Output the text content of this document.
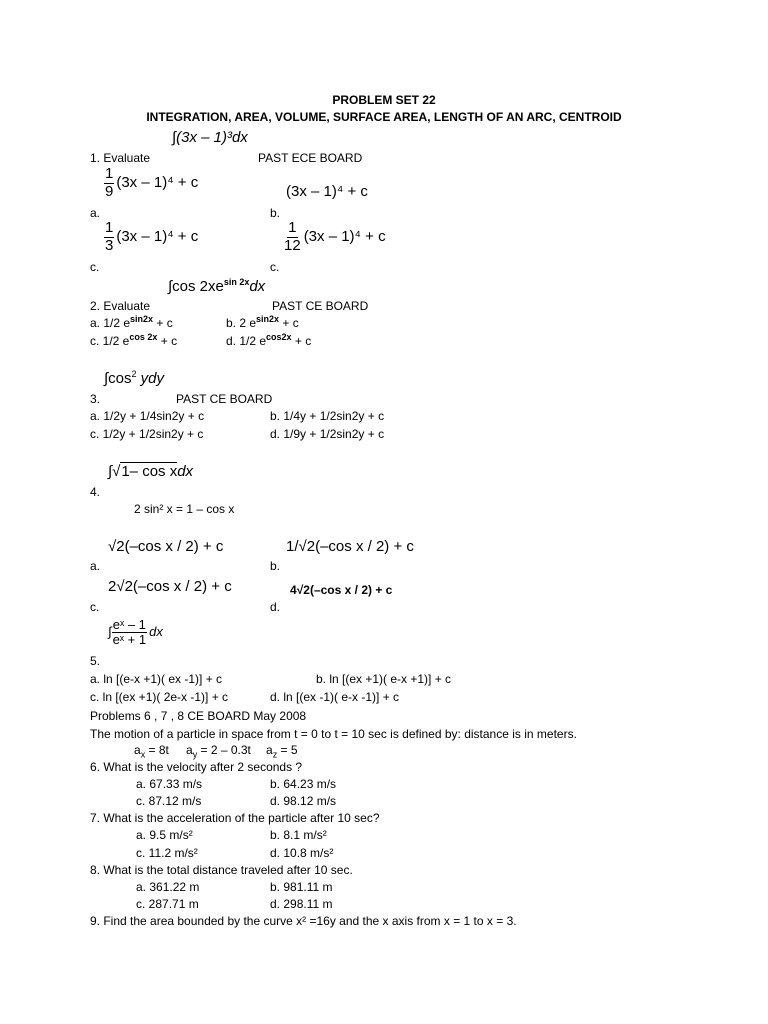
PROBLEM SET 22
INTEGRATION, AREA, VOLUME, SURFACE AREA, LENGTH OF AN ARC, CENTROID
∫(3x – 1)³dx
1. Evaluate	PAST ECE BOARD
$\frac{1}{9} (3x - 1)^4 + c$
(3x – 1)⁴ + c
a.	b.
$\frac{1}{3} (3x - 1)^4 + c$	$\frac{1}{12} (3x - 1)^4 + c$
c.	c.
∫cos $2xe^{sin 2x}dx$
2. Evaluate	PAST CE BOARD
a. 1/2 $e^{sin2x} + c$	b. 2 $e^{sin2x} + c$
c. 1/2 $e^{cos 2x} + c$	d. 1/2 $e^{cos2x} + c$
$\int\cos^2$ ydy
3.	PAST CE BOARD
a. 1/2y + 1/4sin2y + c	b. 1/4y + 1/2sin2y + c
c. 1/2y + 1/2sin2y + c	d. 1/9y + 1/2sin2y + c
∫√1– cos xdx
4.
2 sin² x = 1 – cos x
√2(–cos x / 2) + c	1/√2(–cos x / 2) + c
a.	b.
2√2(–cos x / 2) + c	4√2(–cos x / 2) + c
c.	d.
∫ $\frac{\text{eˣ – 1}}{\text{eˣ + 1}}$ dx
5.
a. ln [(e-x +1)( ex -1)] + c	b. ln [(ex +1)( e-x +1)] + c
c. ln [(ex +1)( 2e-x -1)] + c	d. ln [(ex -1)( e-x -1)] + c
Problems 6 , 7 , 8 CE BOARD May 2008
The motion of a particle in space from t = 0 to t = 10 sec is defined by: distance is in meters.
$a_x = 8t$ $a_y = 2 - 0.3t$ $a_z = 5$
6. What is the velocity after 2 seconds ?
a. 67.33 m/s	b. 64.23 m/s
c. 87.12 m/s	d. 98.12 m/s
7. What is the acceleration of the particle after 10 sec?
a. 9.5 m/s²	b. 8.1 m/s²
c. 11.2 m/s²	d. 10.8 m/s²
8. What is the total distance traveled after 10 sec.
a. 361.22 m	b. 981.11 m
c. 287.71 m	d. 298.11 m
9. Find the area bounded by the curve x² =16y and the x axis from x = 1 to x = 3.
